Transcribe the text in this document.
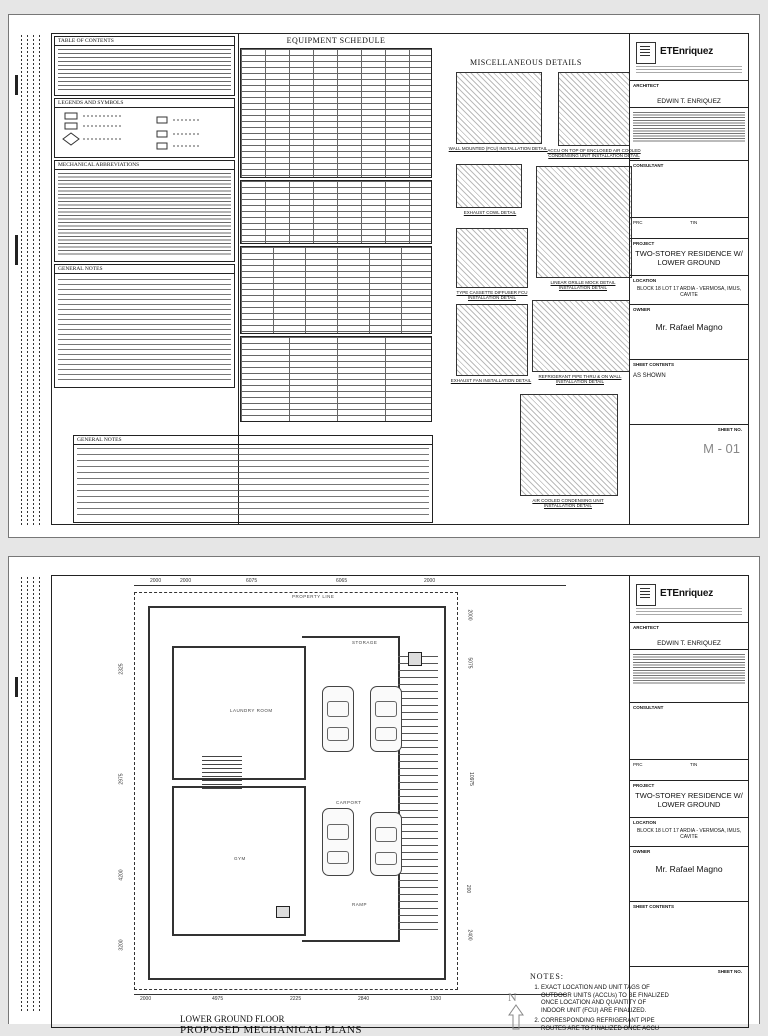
TABLE OF CONTENTS
LEGENDS AND SYMBOLS
MECHANICAL ABBREVIATIONS
GENERAL NOTES
EQUIPMENT SCHEDULE
MISCELLANEOUS DETAILS
WALL MOUNTED (FCU) INSTALLATION DETAIL ACCU ON TOP OF ENCLOSED AIR COOLED CONDENSING UNIT INSTALLATION DETAIL
EXHAUST COWL DETAIL
LINEAR GRILLE MOCK DETAIL INSTALLATION DETAIL
TYPE CASSETTE DIFFUSER FCU INSTALLATION DETAIL
REFRIGERANT PIPE THRU & ON WALL INSTALLATION DETAIL
EXHAUST FAN INSTALLATION DETAIL
AIR COOLED CONDENSING UNIT INSTALLATION DETAIL
ETEnriquez
ARCHITECT
EDWIN T. ENRIQUEZ
CONSULTANT
PRC	TIN
PROJECT
TWO-STOREY RESIDENCE W/ LOWER GROUND
LOCATION
BLOCK 18 LOT 17 ARDIA - VERMOSA, IMUS, CAVITE
OWNER
Mr. Rafael Magno
SHEET CONTENTS
AS SHOWN
SHEET NO.
M - 01
GENERAL NOTES
2000	2000	6075	6065	2000
PROPERTY LINE
LAUNDRY ROOM
GYM
STORAGE
CARPORT
RAMP
2000	4975	2225	2840	1300
2325
2975
4200
3200
2000
5075
10975
200
2400
N
LOWER GROUND FLOOR
PROPOSED MECHANICAL PLANS
NOTES:
1. EXACT LOCATION AND UNIT TAGS OF OUTDOOR UNITS (ACCUs) TO BE FINALIZED ONCE LOCATION AND QUANTITY OF INDOOR UNIT (FCU) ARE FINALIZED.
2. CORRESPONDING REFRIGERANT PIPE ROUTES ARE TO FINALIZED ONCE ACCU
ETEnriquez
ARCHITECT
EDWIN T. ENRIQUEZ
CONSULTANT
PRC	TIN
PROJECT
TWO-STOREY RESIDENCE W/ LOWER GROUND
LOCATION
BLOCK 18 LOT 17 ARDIA - VERMOSA, IMUS, CAVITE
OWNER
Mr. Rafael Magno
SHEET CONTENTS
SHEET NO.
